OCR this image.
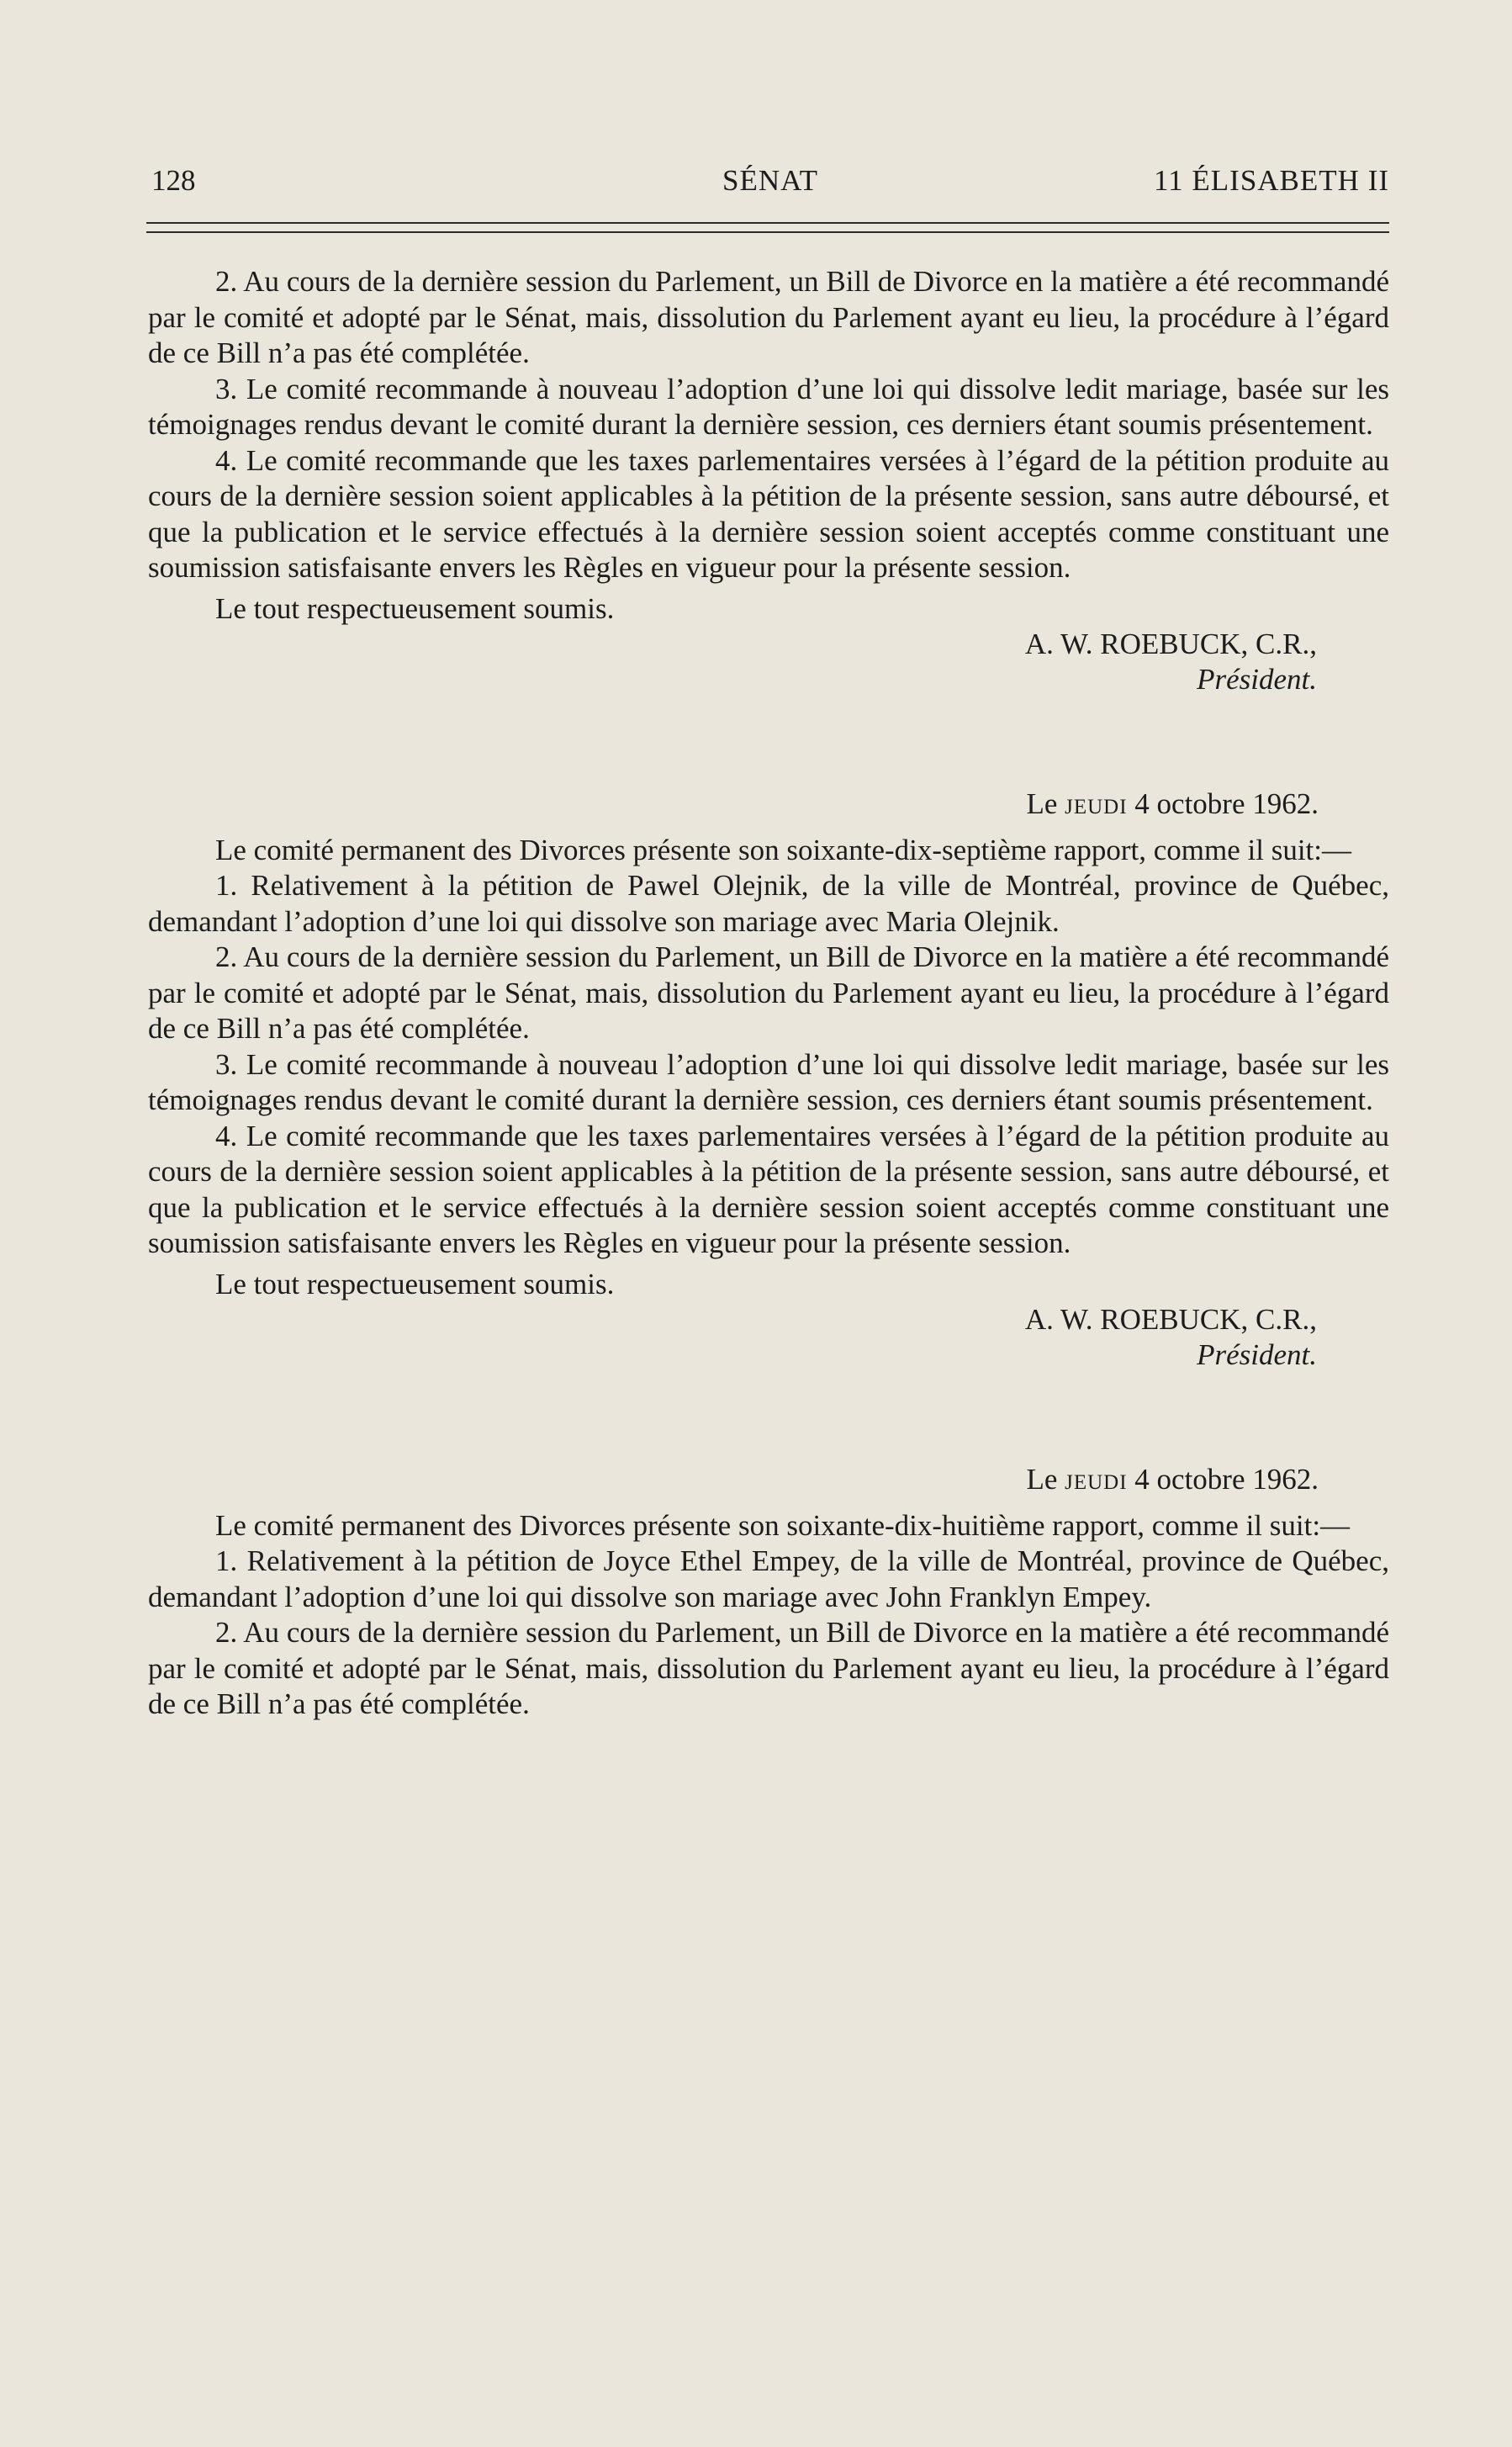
128	SÉNAT	11 ÉLISABETH II

2. Au cours de la dernière session du Parlement, un Bill de Divorce en la matière a été recommandé par le comité et adopté par le Sénat, mais, dissolution du Parlement ayant eu lieu, la procédure à l’égard de ce Bill n’a pas été complétée.

3. Le comité recommande à nouveau l’adoption d’une loi qui dissolve ledit mariage, basée sur les témoignages rendus devant le comité durant la dernière session, ces derniers étant soumis présentement.

4. Le comité recommande que les taxes parlementaires versées à l’égard de la pétition produite au cours de la dernière session soient applicables à la pétition de la présente session, sans autre déboursé, et que la publication et le service effectués à la dernière session soient acceptés comme constituant une soumission satisfaisante envers les Règles en vigueur pour la présente session.

Le tout respectueusement soumis.

A. W. ROEBUCK, C.R.,
Président.
Le jeudi 4 octobre 1962.

Le comité permanent des Divorces présente son soixante-dix-septième rapport, comme il suit:—

1. Relativement à la pétition de Pawel Olejnik, de la ville de Montréal, province de Québec, demandant l’adoption d’une loi qui dissolve son mariage avec Maria Olejnik.

2. Au cours de la dernière session du Parlement, un Bill de Divorce en la matière a été recommandé par le comité et adopté par le Sénat, mais, dissolution du Parlement ayant eu lieu, la procédure à l’égard de ce Bill n’a pas été complétée.

3. Le comité recommande à nouveau l’adoption d’une loi qui dissolve ledit mariage, basée sur les témoignages rendus devant le comité durant la dernière session, ces derniers étant soumis présentement.

4. Le comité recommande que les taxes parlementaires versées à l’égard de la pétition produite au cours de la dernière session soient applicables à la pétition de la présente session, sans autre déboursé, et que la publication et le service effectués à la dernière session soient acceptés comme constituant une soumission satisfaisante envers les Règles en vigueur pour la présente session.

Le tout respectueusement soumis.

A. W. ROEBUCK, C.R.,
Président.
Le jeudi 4 octobre 1962.

Le comité permanent des Divorces présente son soixante-dix-huitième rapport, comme il suit:—

1. Relativement à la pétition de Joyce Ethel Empey, de la ville de Montréal, province de Québec, demandant l’adoption d’une loi qui dissolve son mariage avec John Franklyn Empey.

2. Au cours de la dernière session du Parlement, un Bill de Divorce en la matière a été recommandé par le comité et adopté par le Sénat, mais, dissolution du Parlement ayant eu lieu, la procédure à l’égard de ce Bill n’a pas été complétée.
